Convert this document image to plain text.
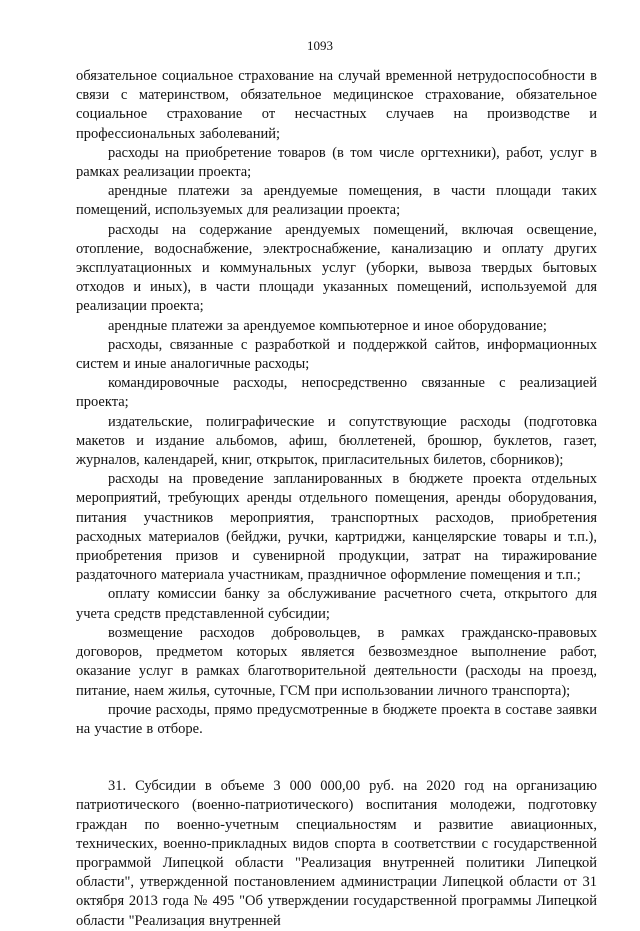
1093

обязательное социальное страхование на случай временной нетрудоспособности в связи с материнством, обязательное медицинское страхование, обязательное социальное страхование от несчастных случаев на производстве и профессиональных заболеваний;

расходы на приобретение товаров (в том числе оргтехники), работ, услуг в рамках реализации проекта;

арендные платежи за арендуемые помещения, в части площади таких помещений, используемых для реализации проекта;

расходы на содержание арендуемых помещений, включая освещение, отопление, водоснабжение, электроснабжение, канализацию и оплату других эксплуатационных и коммунальных услуг (уборки, вывоза твердых бытовых отходов и иных), в части площади указанных помещений, используемой для реализации проекта;

арендные платежи за арендуемое компьютерное и иное оборудование;

расходы, связанные с разработкой и поддержкой сайтов, информационных систем и иные аналогичные расходы;

командировочные расходы, непосредственно связанные с реализацией проекта;

издательские, полиграфические и сопутствующие расходы (подготовка макетов и издание альбомов, афиш, бюллетеней, брошюр, буклетов, газет, журналов, календарей, книг, открыток, пригласительных билетов, сборников);

расходы на проведение запланированных в бюджете проекта отдельных мероприятий, требующих аренды отдельного помещения, аренды оборудования, питания участников мероприятия, транспортных расходов, приобретения расходных материалов (бейджи, ручки, картриджи, канцелярские товары и т.п.), приобретения призов и сувенирной продукции, затрат на тиражирование раздаточного материала участникам, праздничное оформление помещения и т.п.;

оплату комиссии банку за обслуживание расчетного счета, открытого для учета средств представленной субсидии;

возмещение расходов добровольцев, в рамках гражданско-правовых договоров, предметом которых является безвозмездное выполнение работ, оказание услуг в рамках благотворительной деятельности (расходы на проезд, питание, наем жилья, суточные, ГСМ при использовании личного транспорта);

прочие расходы, прямо предусмотренные в бюджете проекта в составе заявки на участие в отборе.

31. Субсидии в объеме 3 000 000,00 руб. на 2020 год на организацию патриотического (военно-патриотического) воспитания молодежи, подготовку граждан по военно-учетным специальностям и развитие авиационных, технических, военно-прикладных видов спорта в соответствии с государственной программой Липецкой области "Реализация внутренней политики Липецкой области", утвержденной постановлением администрации Липецкой области от 31 октября 2013 года № 495 "Об утверждении государственной программы Липецкой области "Реализация внутренней
